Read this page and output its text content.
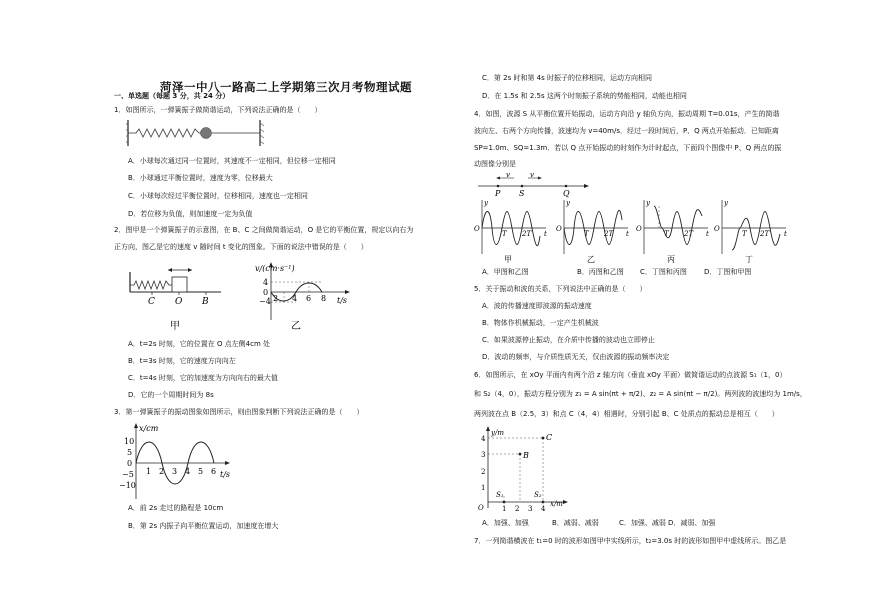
菏泽一中八一路高二上学期第三次月考物理试题
一、单选题（每题 3 分，共 24 分）
1．如图所示，一弹簧振子做简谐运动，下列说法正确的是（　　）
A．小球每次通过同一位置时，其速度不一定相同，但位移一定相同
B．小球通过平衡位置时，速度为零，位移最大
C．小球每次经过平衡位置时，位移相同，速度也一定相同
D．若位移为负值，则加速度一定为负值
2．图甲是一个弹簧振子的示意图，在 B、C 之间做简谐运动，O 是它的平衡位置，规定以向右为
正方向，图乙是它的速度 v 随时间 t 变化的图象。下面的说法中错误的是（　　）
C O B
甲
v/(cm·s⁻¹)
t/s
4
0
−4 2 4 6 8
乙
A．t=2s 时刻，它的位置在 O 点左侧4cm 处
B．t=3s 时刻，它的速度方向向左
C．t=4s 时刻，它的加速度为方向向右的最大值
D．它的一个周期时间为 8s
3．第一弹簧振子的振动图象如图所示，则由图象判断下列说法正确的是（　　）
x/cm
t/s
10
5
0
−5
−10
1 2 3 4 5 6
A．前 2s 走过的路程是 10cm
B．第 2s 内振子向平衡位置运动，加速度在增大
C．第 2s 时和第 4s 时振子的位移相同，运动方向相同
D．在 1.5s 和 2.5s 这两个时刻振子系统的势能相同，动能也相同
4．如图，波源 S 从平衡位置开始振动，运动方向沿 y 轴负方向，振动周期 T=0.01s，产生的简谐
波向左、右两个方向传播，波速均为 v=40m/s．经过一段时间后，P、Q 两点开始振动．已知距离
SP=1.0m、SQ=1.3m．若以 Q 点开始振动的时刻作为计时起点，下面四个图像中 P、Q 两点的振
动图像分别是
v	v
P S	Q
y
O
t
T 2T
甲
y
O
t
T 2T
乙
y
O
t
T 2T
丙
y
O
t
T 2T
丁
A．甲图和乙图	B．丙图和乙图 C．丁图和丙图 D．丁图和甲图
5．关于振动和波的关系，下列说法中正确的是（　　）
A．波的传播速度即波源的振动速度
B．物体作机械振动，一定产生机械波
C．如果波源停止振动，在介质中传播的波动也立即停止
D．波动的频率，与介质性质无关，仅由波源的振动频率决定
6．如图所示，在 xOy 平面内有两个沿 z 轴方向（垂直 xOy 平面）做简谐运动的点波源 S₁（1，0）
和 S₂（4，0），振动方程分别为 z₁ = A sin(πt + π/2)、z₂ = A sin(πt − π/2)。两列波的波速均为 1m/s，
两列波在点 B（2.5，3）和点 C（4，4）相遇时，分别引起 B、C 处质点的振动总是相互（　　）
y/m
x/m
O
1
2
3
4
1 2 3 4
B
C
S₁	S₂
A．加强、加强	B．减弱、减弱	C．加强、减弱 D．减弱、加强
7．一列简谐横波在 t₁=0 时的波形如图甲中实线所示，t₂=3.0s 时的波形如图甲中虚线所示。图乙是
